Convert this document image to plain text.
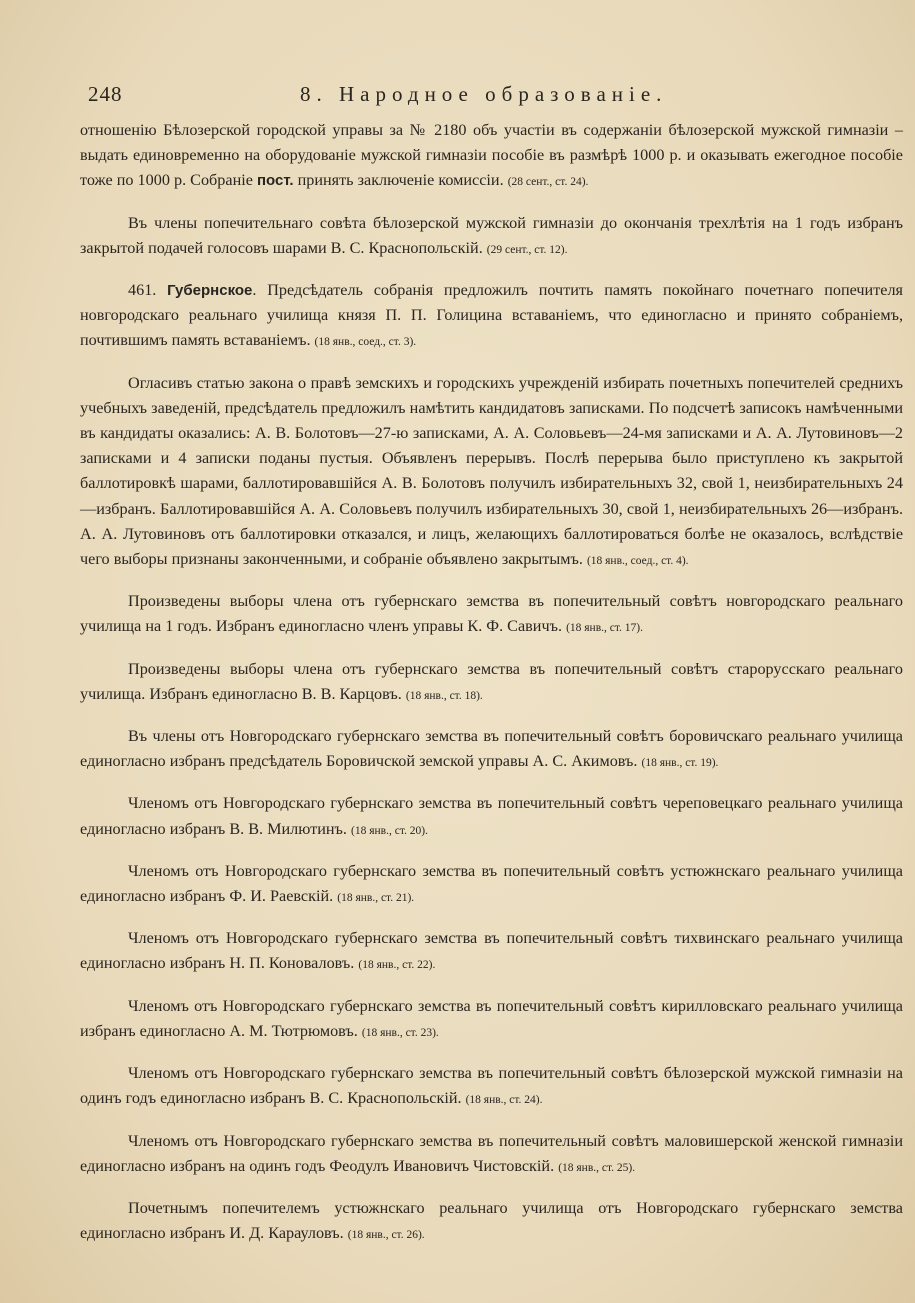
248	8. Народное образованіе.

отношенію Бѣлозерской городской управы за № 2180 объ участіи въ содержаніи бѣлозерской мужской гимназіи – выдать единовременно на оборудованіе мужской гимназіи пособіе въ размѣрѣ 1000 р. и оказывать ежегодное пособіе тоже по 1000 р. Собраніе пост. принять заключеніе комиссіи. (28 сент., ст. 24).

Въ члены попечительнаго совѣта бѣлозерской мужской гимназіи до окончанія трехлѣтія на 1 годъ избранъ закрытой подачей голосовъ шарами В. С. Краснопольскій. (29 сент., ст. 12).

461. Губернское. Предсѣдатель собранія предложилъ почтить память покойнаго почетнаго попечителя новгородскаго реальнаго училища князя П. П. Голицина вставаніемъ, что единогласно и принято собраніемъ, почтившимъ память вставаніемъ. (18 янв., соед., ст. 3).

Огласивъ статью закона о правѣ земскихъ и городскихъ учрежденій избирать почетныхъ попечителей среднихъ учебныхъ заведеній, предсѣдатель предложилъ намѣтить кандидатовъ записками. По подсчетѣ записокъ намѣченными въ кандидаты оказались: А. В. Болотовъ—27-ю записками, А. А. Соловьевъ—24-мя записками и А. А. Лутовиновъ—2 записками и 4 записки поданы пустыя. Объявленъ перерывъ. Послѣ перерыва было приступлено къ закрытой баллотировкѣ шарами, баллотировавшійся А. В. Болотовъ получилъ избирательныхъ 32, свой 1, неизбирательныхъ 24—избранъ. Баллотировавшійся А. А. Соловьевъ получилъ избирательныхъ 30, свой 1, неизбирательныхъ 26—избранъ. А. А. Лутовиновъ отъ баллотировки отказался, и лицъ, желающихъ баллотироваться болѣе не оказалось, вслѣдствіе чего выборы признаны законченными, и собраніе объявлено закрытымъ. (18 янв., соед., ст. 4).

Произведены выборы члена отъ губернскаго земства въ попечительный совѣтъ новгородскаго реальнаго училища на 1 годъ. Избранъ единогласно членъ управы К. Ф. Савичъ. (18 янв., ст. 17).

Произведены выборы члена отъ губернскаго земства въ попечительный совѣтъ старорусскаго реальнаго училища. Избранъ единогласно В. В. Карцовъ. (18 янв., ст. 18).

Въ члены отъ Новгородскаго губернскаго земства въ попечительный совѣтъ боровичскаго реальнаго училища единогласно избранъ предсѣдатель Боровичской земской управы А. С. Акимовъ. (18 янв., ст. 19).

Членомъ отъ Новгородскаго губернскаго земства въ попечительный совѣтъ череповецкаго реальнаго училища единогласно избранъ В. В. Милютинъ. (18 янв., ст. 20).

Членомъ отъ Новгородскаго губернскаго земства въ попечительный совѣтъ устюжнскаго реальнаго училища единогласно избранъ Ф. И. Раевскій. (18 янв., ст. 21).

Членомъ отъ Новгородскаго губернскаго земства въ попечительный совѣтъ тихвинскаго реальнаго училища единогласно избранъ Н. П. Коноваловъ. (18 янв., ст. 22).

Членомъ отъ Новгородскаго губернскаго земства въ попечительный совѣтъ кирилловскаго реальнаго училища избранъ единогласно А. М. Тютрюмовъ. (18 янв., ст. 23).

Членомъ отъ Новгородскаго губернскаго земства въ попечительный совѣтъ бѣлозерской мужской гимназіи на одинъ годъ единогласно избранъ В. С. Краснопольскій. (18 янв., ст. 24).

Членомъ отъ Новгородскаго губернскаго земства въ попечительный совѣтъ маловишерской женской гимназіи единогласно избранъ на одинъ годъ Феодулъ Ивановичъ Чистовскій. (18 янв., ст. 25).

Почетнымъ попечителемъ устюжнскаго реальнаго училища отъ Новгородскаго губернскаго земства единогласно избранъ И. Д. Карауловъ. (18 янв., ст. 26).
